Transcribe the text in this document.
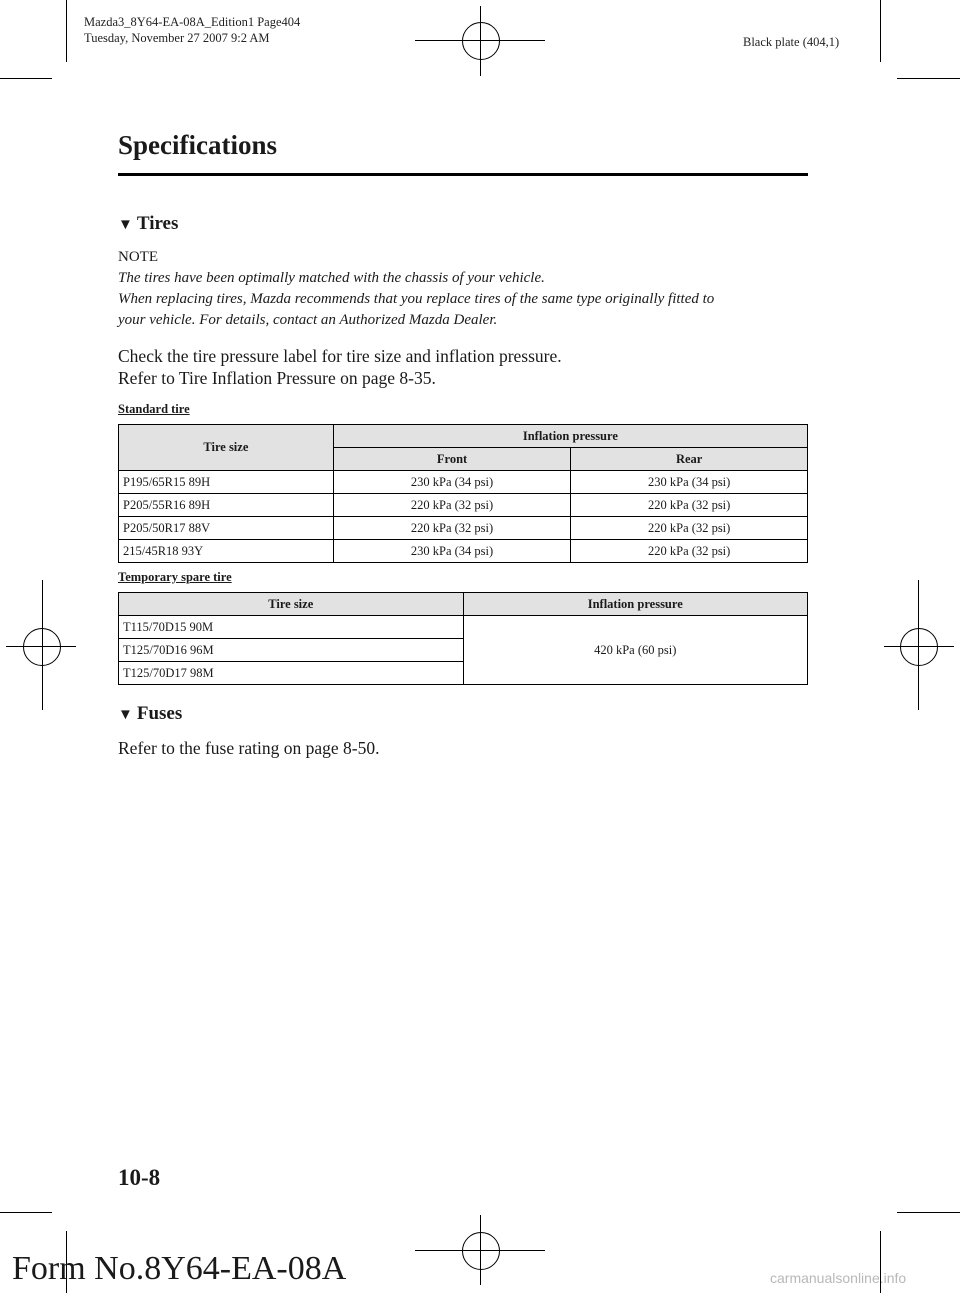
Mazda3_8Y64-EA-08A_Edition1 Page404
Tuesday, November 27 2007 9:2 AM	Black plate (404,1)
Specifications
▼ Tires
NOTE

The tires have been optimally matched with the chassis of your vehicle.

When replacing tires, Mazda recommends that you replace tires of the same type originally fitted to

your vehicle. For details, contact an Authorized Mazda Dealer.

Check the tire pressure label for tire size and inflation pressure.

Refer to Tire Inflation Pressure on page 8-35.

Standard tire
Tire size	Inflation pressure	
	Front	Rear
P195/65R15 89H	230 kPa (34 psi)	230 kPa (34 psi)
P205/55R16 89H	220 kPa (32 psi)	220 kPa (32 psi)
P205/50R17 88V	220 kPa (32 psi)	220 kPa (32 psi)
215/45R18 93Y	230 kPa (34 psi)	220 kPa (32 psi)
Temporary spare tire
Tire size	Inflation pressure
T115/70D15 90M	420 kPa (60 psi)
T125/70D16 96M	
T125/70D17 98M	
▼ Fuses
Refer to the fuse rating on page 8-50.
10-8
Form No.8Y64-EA-08A	carmanualsonline.info
